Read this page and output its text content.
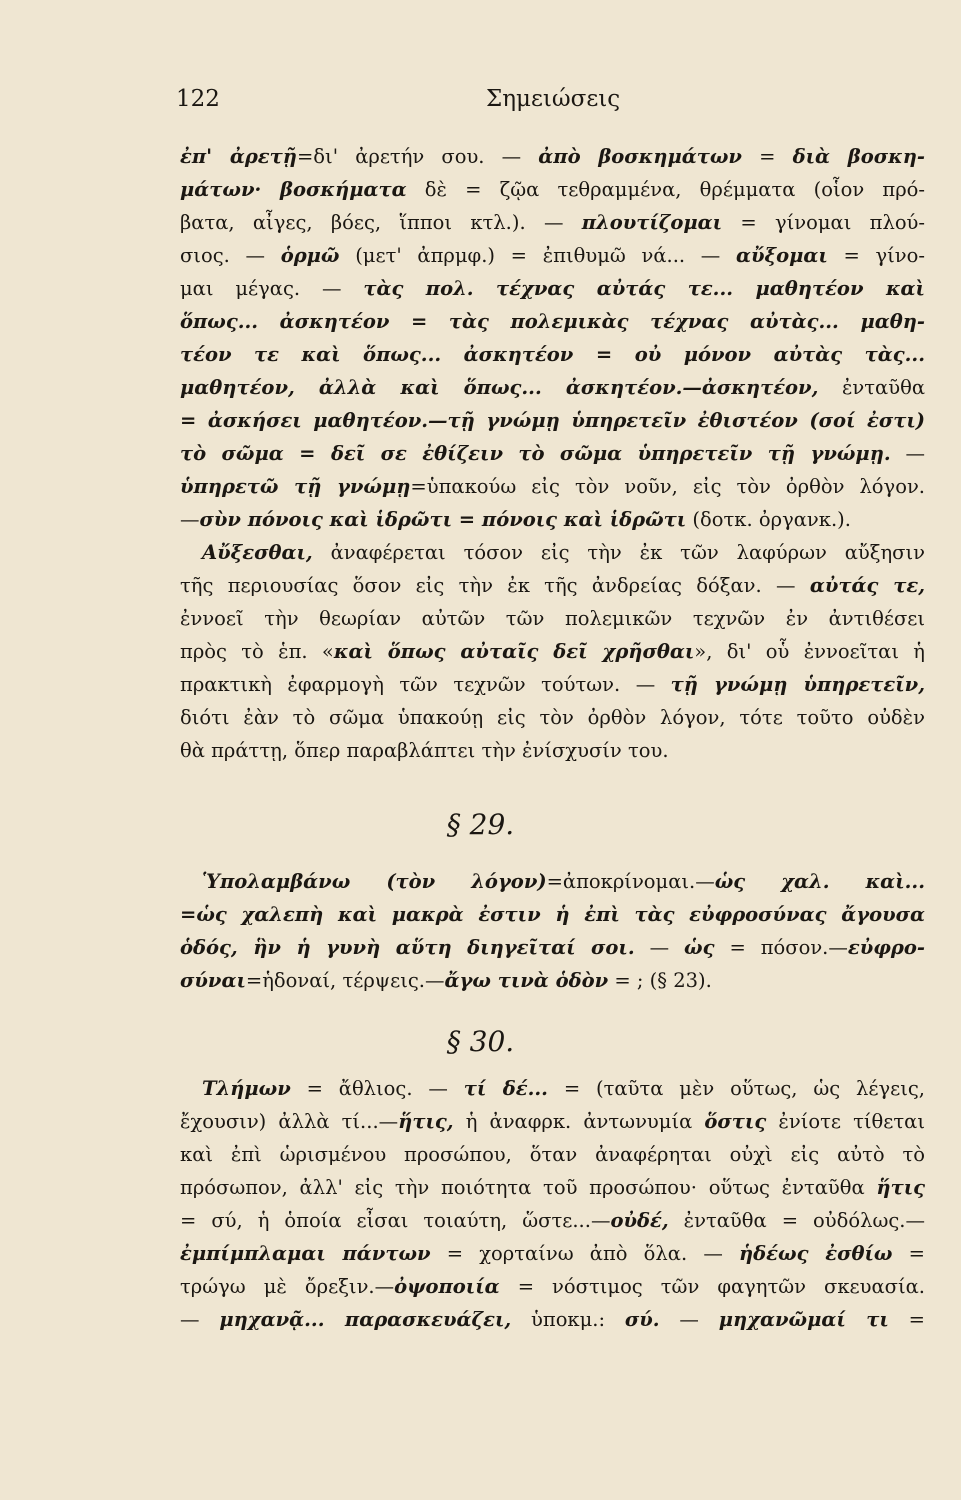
122	Σημειώσεις
ἐπ' ἀρετῇ=δι' ἀρετήν σου. — ἀπὸ βοσκημάτων = διὰ βοσκη-
μάτων· βοσκήματα δὲ = ζῷα τεθραμμένα, θρέμματα (οἷον πρό-
βατα, αἶγες, βόες, ἵπποι κτλ.). — πλουτίζομαι = γίνομαι πλού-
σιος. — ὁρμῶ (μετ' ἀπρμφ.) = ἐπιθυμῶ νά... — αὔξομαι = γίνο-
μαι μέγας. — τὰς πολ. τέχνας αὐτάς τε... μαθητέον καὶ
ὅπως... ἀσκητέον = τὰς πολεμικὰς τέχνας αὐτὰς... μαθη-
τέον τε καὶ ὅπως... ἀσκητέον = οὐ μόνον αὐτὰς τὰς...
μαθητέον, ἀλλὰ καὶ ὅπως... ἀσκητέον.—ἀσκητέον, ἐνταῦθα
= ἀσκήσει μαθητέον.—τῇ γνώμῃ ὑπηρετεῖν ἐθιστέον (σοί ἐστι)
τὸ σῶμα = δεῖ σε ἐθίζειν τὸ σῶμα ὑπηρετεῖν τῇ γνώμῃ. —
ὑπηρετῶ τῇ γνώμῃ=ὑπακούω εἰς τὸν νοῦν, εἰς τὸν ὀρθὸν λόγον.
—σὺν πόνοις καὶ ἱδρῶτι = πόνοις καὶ ἱδρῶτι (δοτκ. ὀργανκ.).
Αὔξεσθαι, ἀναφέρεται τόσον εἰς τὴν ἐκ τῶν λαφύρων αὔξησιν
τῆς περιουσίας ὅσον εἰς τὴν ἐκ τῆς ἀνδρείας δόξαν. — αὐτάς τε,
ἐννοεῖ τὴν θεωρίαν αὐτῶν τῶν πολεμικῶν τεχνῶν ἐν ἀντιθέσει
πρὸς τὸ ἑπ. «καὶ ὅπως αὐταῖς δεῖ χρῆσθαι», δι' οὗ ἐννοεῖται ἡ
πρακτικὴ ἐφαρμογὴ τῶν τεχνῶν τούτων. — τῇ γνώμῃ ὑπηρετεῖν,
διότι ἐὰν τὸ σῶμα ὑπακούῃ εἰς τὸν ὀρθὸν λόγον, τότε τοῦτο οὐδὲν
θὰ πράττῃ, ὅπερ παραβλάπτει τὴν ἐνίσχυσίν του.
§ 29.
Ὑπολαμβάνω (τὸν λόγον)=ἀποκρίνομαι.—ὡς χαλ. καὶ...
=ὡς χαλεπὴ καὶ μακρὰ ἐστιν ἡ ἐπὶ τὰς εὐφροσύνας ἄγουσα
ὁδός, ἣν ἡ γυνὴ αὕτη διηγεῖταί σοι. — ὡς = πόσον.—εὐφρο-
σύναι=ἡδοναί, τέρψεις.—ἄγω τινὰ ὁδὸν = ; (§ 23).
§ 30.
Τλήμων = ἄθλιος. — τί δέ... = (ταῦτα μὲν οὕτως, ὡς λέγεις,
ἔχουσιν) ἀλλὰ τί...—ἥτις, ἡ ἀναφρκ. ἀντωνυμία ὅστις ἐνίοτε τίθεται
καὶ ἐπὶ ὡρισμένου προσώπου, ὅταν ἀναφέρηται οὐχὶ εἰς αὐτὸ τὸ
πρόσωπον, ἀλλ' εἰς τὴν ποιότητα τοῦ προσώπου· οὕτως ἐνταῦθα ἥτις
= σύ, ἡ ὁποία εἶσαι τοιαύτη, ὥστε...—οὐδέ, ἐνταῦθα = οὐδόλως.—
ἐμπίμπλαμαι πάντων = χορταίνω ἀπὸ ὅλα. — ἡδέως ἐσθίω =
τρώγω μὲ ὄρεξιν.—ὀψοποιία = νόστιμος τῶν φαγητῶν σκευασία.
— μηχανᾷ... παρασκευάζει, ὑποκμ.: σύ. — μηχανῶμαί τι =
